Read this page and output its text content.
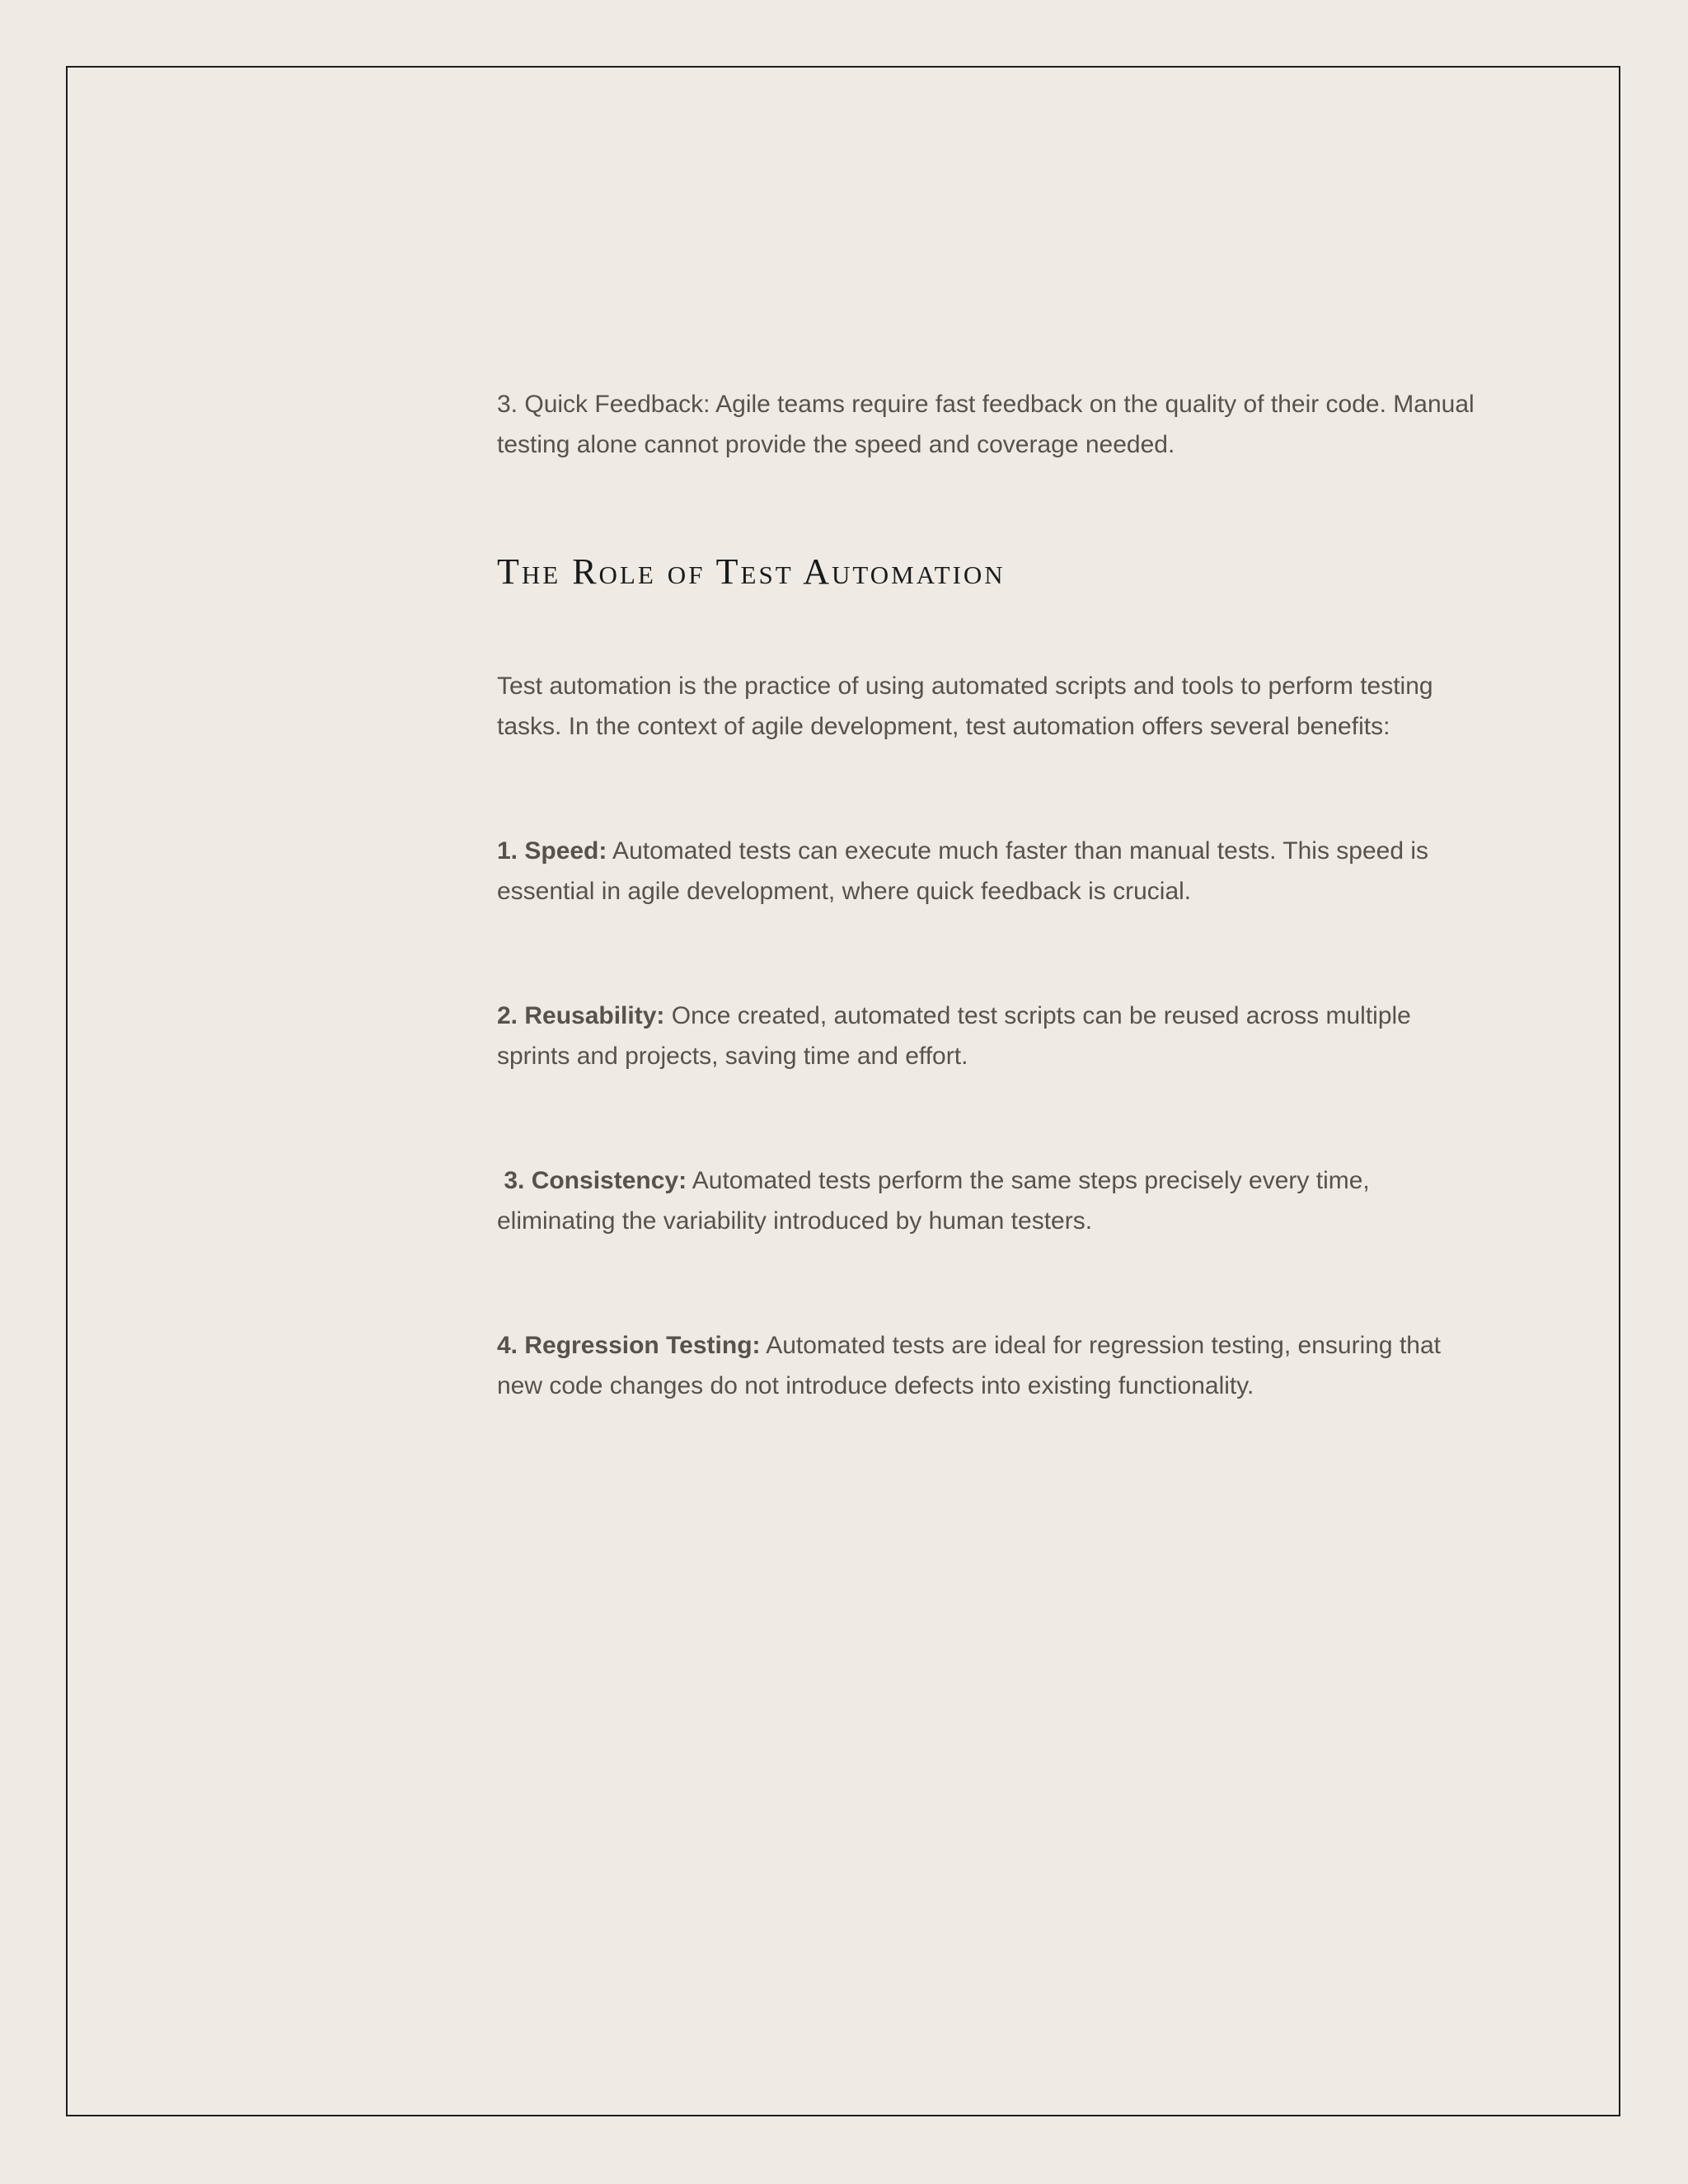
3. Quick Feedback: Agile teams require fast feedback on the quality of their code. Manual testing alone cannot provide the speed and coverage needed.

The Role of Test Automation

Test automation is the practice of using automated scripts and tools to perform testing tasks. In the context of agile development, test automation offers several benefits:

1. Speed: Automated tests can execute much faster than manual tests. This speed is essential in agile development, where quick feedback is crucial.

2. Reusability: Once created, automated test scripts can be reused across multiple sprints and projects, saving time and effort.

3. Consistency: Automated tests perform the same steps precisely every time, eliminating the variability introduced by human testers.

4. Regression Testing: Automated tests are ideal for regression testing, ensuring that new code changes do not introduce defects into existing functionality.
